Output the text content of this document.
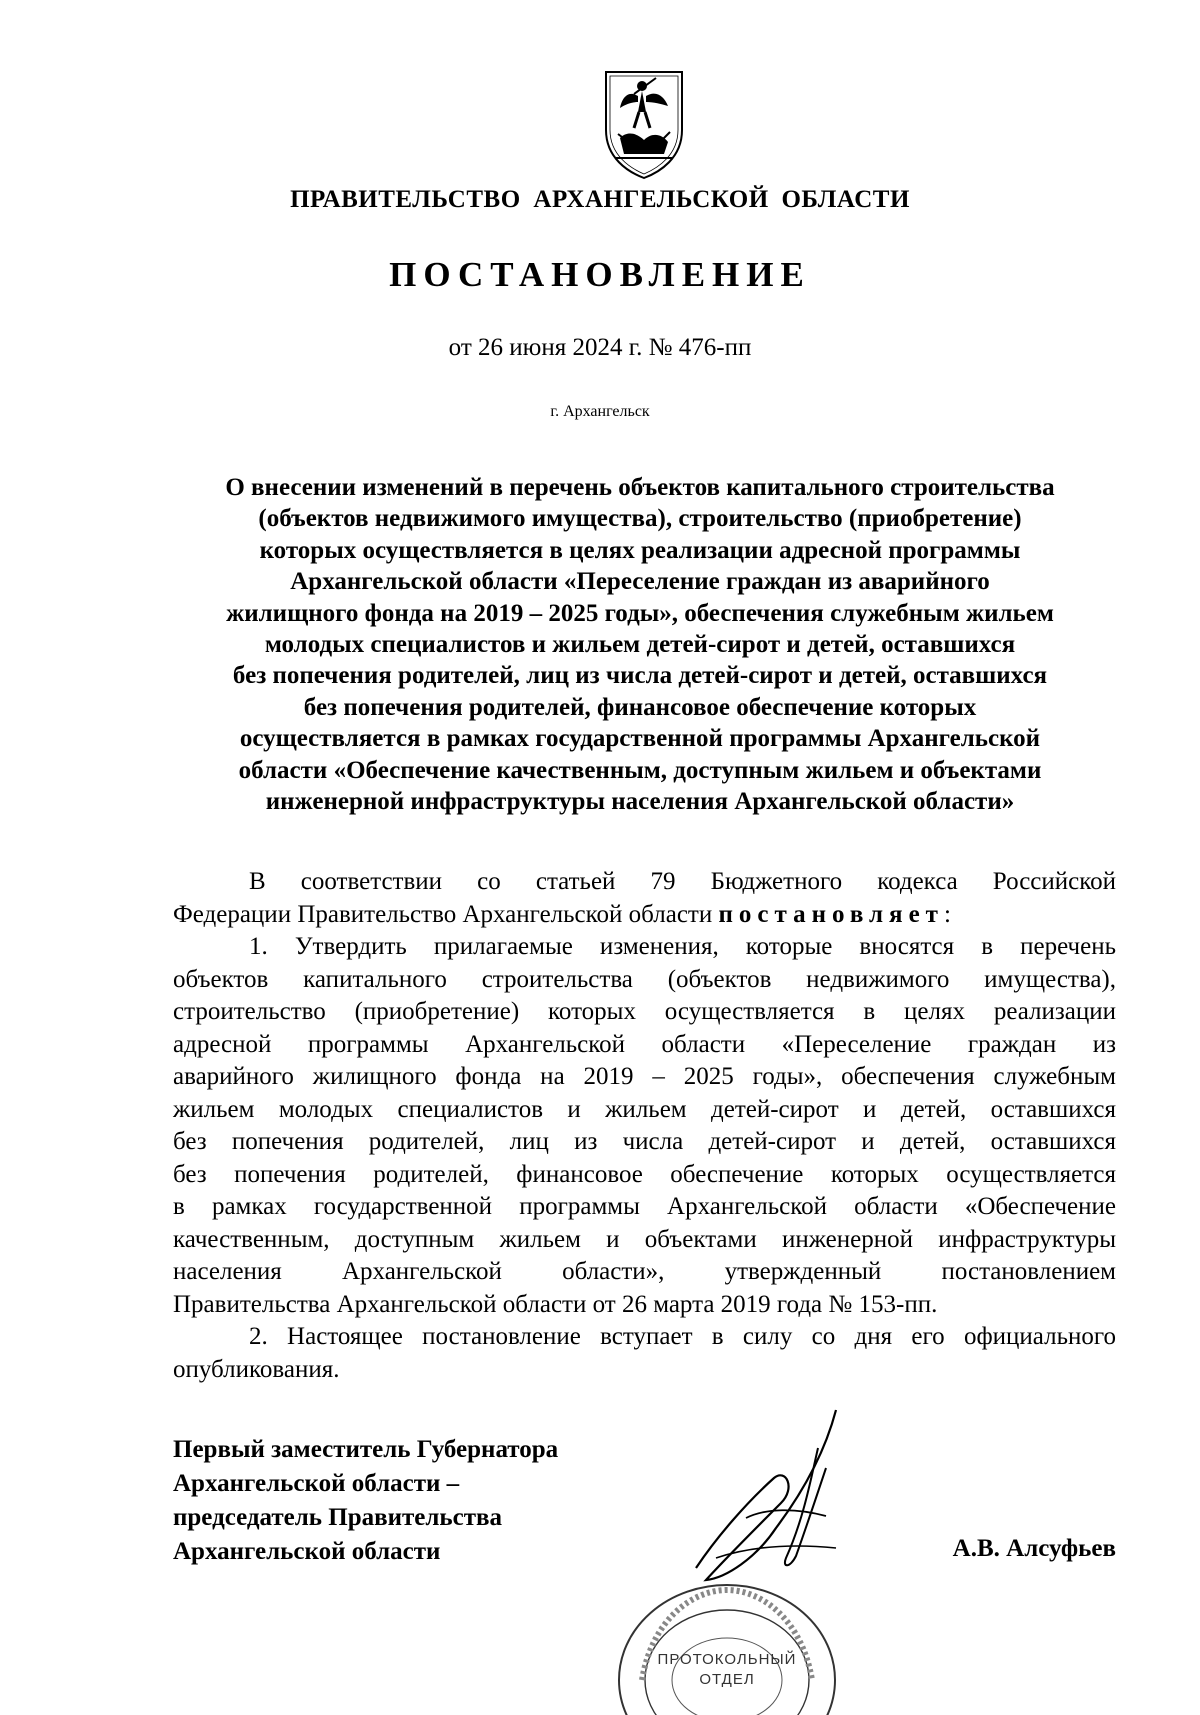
ПРАВИТЕЛЬСТВО АРХАНГЕЛЬСКОЙ ОБЛАСТИ
ПОСТАНОВЛЕНИЕ
от 26 июня 2024 г. № 476-пп
г. Архангельск
О внесении изменений в перечень объектов капитального строительства
(объектов недвижимого имущества), строительство (приобретение)
которых осуществляется в целях реализации адресной программы
Архангельской области «Переселение граждан из аварийного
жилищного фонда на 2019 – 2025 годы», обеспечения служебным жильем
молодых специалистов и жильем детей-сирот и детей, оставшихся
без попечения родителей, лиц из числа детей-сирот и детей, оставшихся
без попечения родителей, финансовое обеспечение которых
осуществляется в рамках государственной программы Архангельской
области «Обеспечение качественным, доступным жильем и объектами
инженерной инфраструктуры населения Архангельской области»
В соответствии со статьей 79 Бюджетного кодекса Российской
Федерации Правительство Архангельской области постановляет:
1. Утвердить прилагаемые изменения, которые вносятся в перечень
объектов капитального строительства (объектов недвижимого имущества),
строительство (приобретение) которых осуществляется в целях реализации
адресной программы Архангельской области «Переселение граждан из
аварийного жилищного фонда на 2019 – 2025 годы», обеспечения служебным
жильем молодых специалистов и жильем детей-сирот и детей, оставшихся
без попечения родителей, лиц из числа детей-сирот и детей, оставшихся
без попечения родителей, финансовое обеспечение которых осуществляется
в рамках государственной программы Архангельской области «Обеспечение
качественным, доступным жильем и объектами инженерной инфраструктуры
населения Архангельской области», утвержденный постановлением
Правительства Архангельской области от 26 марта 2019 года № 153-пп.
2. Настоящее постановление вступает в силу со дня его официального
опубликования.
Первый заместитель Губернатора
Архангельской области –
председатель Правительства
Архангельской области	А.В. Алсуфьев
ПРОТОКОЛЬНЫЙ
ОТДЕЛ
